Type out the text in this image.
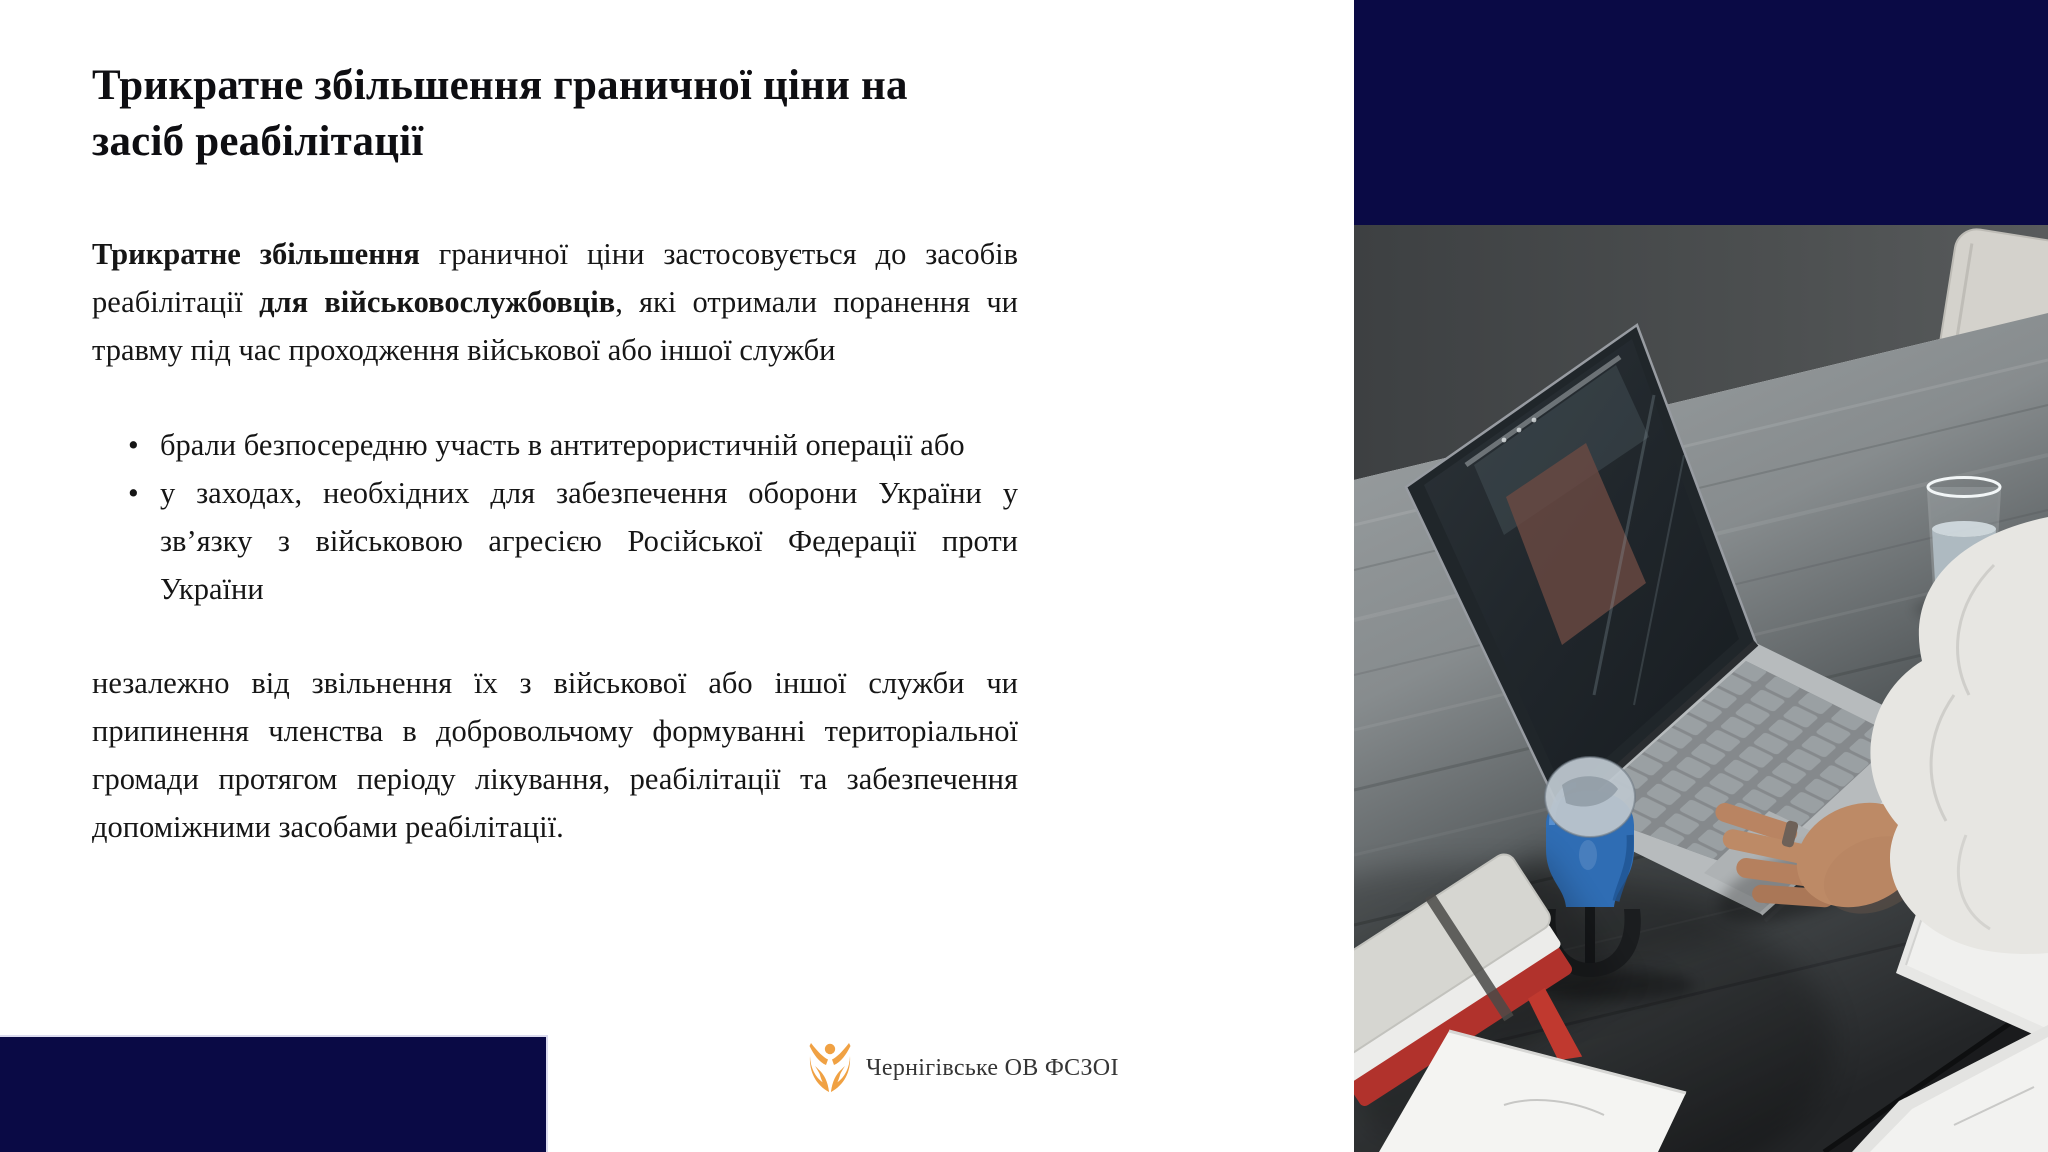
Трикратне збільшення граничної ціни на
засіб реабілітації

Трикратне збільшення граничної ціни застосовується до засобів реабілітації для військовослужбовців, які отримали поранення чи травму під час проходження військової або іншої служби

• брали безпосередню участь в антитерористичній операції або
• у заходах, необхідних для забезпечення оборони України у зв’язку з військовою агресією Російської Федерації проти України

незалежно від звільнення їх з військової або іншої служби чи припинення членства в добровольчому формуванні територіальної громади протягом періоду лікування, реабілітації та забезпечення допоміжними засобами реабілітації.

Чернігівське ОВ ФСЗОІ
